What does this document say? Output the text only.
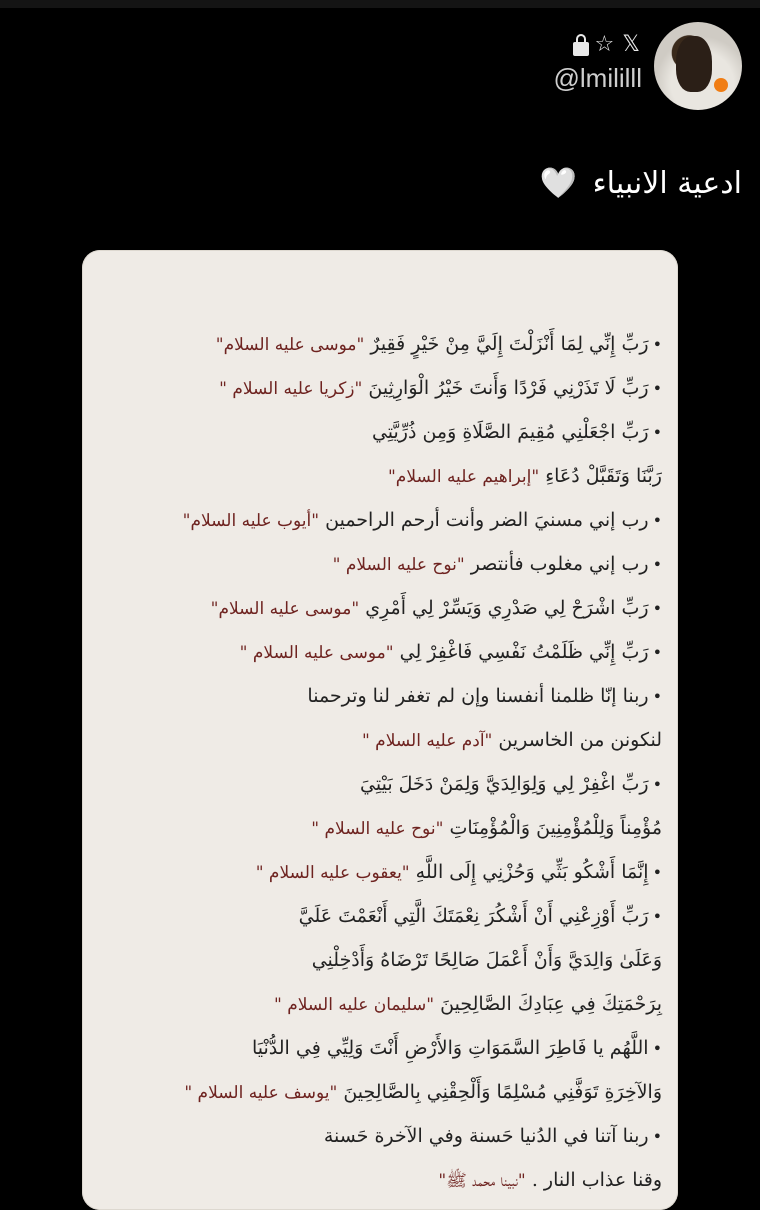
☆ 𝕏
@lmililll
ادعية الانبياء 🤍
•رَبِّ إِنِّي لِمَا أَنْزَلْتَ إِلَيَّ مِنْ خَيْرٍ فَقِيرٌ "موسى عليه السلام"
•رَبِّ لَا تَذَرْنِي فَرْدًا وَأَنتَ خَيْرُ الْوَارِثِينَ "زكريا عليه السلام "
•رَبِّ اجْعَلْنِي مُقِيمَ الصَّلَاةِ وَمِن ذُرِّيَّتِي
رَبَّنَا وَتَقَبَّلْ دُعَاءِ "إبراهيم عليه السلام"
•رب إني مسنيَ الضر وأنت أرحم الراحمين "أيوب عليه السلام"
•رب إني مغلوب فأنتصر "نوح عليه السلام "
•رَبِّ اشْرَحْ لِي صَدْرِي وَيَسِّرْ لِي أَمْرِي "موسى عليه السلام"
•رَبِّ إِنِّي ظَلَمْتُ نَفْسِي فَاغْفِرْ لِي "موسى عليه السلام "
•ربنا إنّا ظلمنا أنفسنا وإن لم تغفر لنا وترحمنا
لنكونن من الخاسرين "آدم عليه السلام "
•رَبِّ اغْفِرْ لِي وَلِوَالِدَيَّ وَلِمَنْ دَخَلَ بَيْتِيَ
مُؤْمِناً وَلِلْمُؤْمِنِينَ وَالْمُؤْمِنَاتِ "نوح عليه السلام "
•إِنَّمَا أَشْكُو بَثِّي وَحُزْنِي إِلَى اللَّهِ "يعقوب عليه السلام "
•رَبِّ أَوْزِعْنِي أَنْ أَشْكُرَ نِعْمَتَكَ الَّتِي أَنْعَمْتَ عَلَيَّ
وَعَلَىٰ وَالِدَيَّ وَأَنْ أَعْمَلَ صَالِحًا تَرْضَاهُ وَأَدْخِلْنِي
بِرَحْمَتِكَ فِي عِبَادِكَ الصَّالِحِينَ "سليمان عليه السلام "
•اللَّهُم يا فَاطِرَ السَّمَوَاتِ وَالأَرْضِ أَنْتَ وَلِيِّي فِي الدُّنْيَا
وَالآخِرَةِ تَوَفَّنِي مُسْلِمًا وَأَلْحِقْنِي بِالصَّالِحِينَ "يوسف عليه السلام "
•ربنا آتنا في الدُنيا حَسنة وفي الآخرة حَسنة
وقنا عذاب النار . "نبينا محمد ﷺ"
